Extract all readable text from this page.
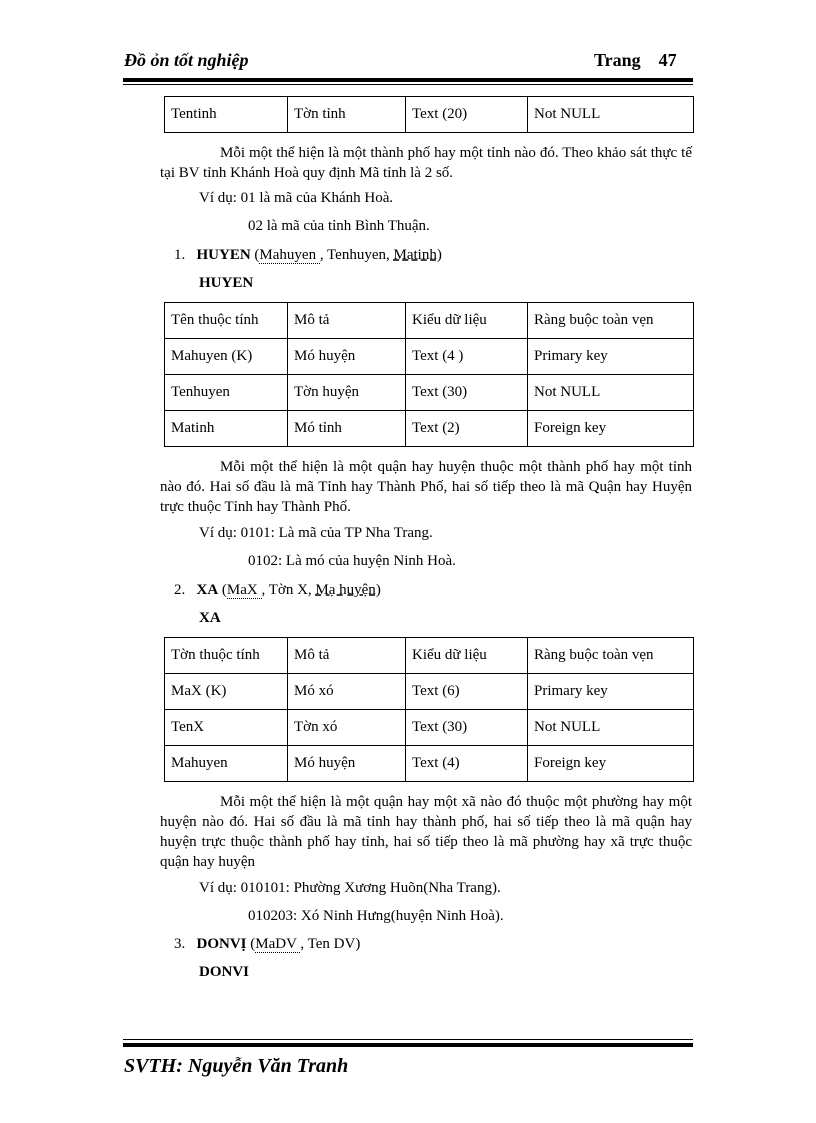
Đồ ỏn tốt nghiệp	Trang 47
Tentinh	Tờn tỉnh	Text (20)	Not NULL
Mỗi một thể hiện là một thành phố hay một tỉnh nào đó. Theo khảo sát thực tế tại BV tỉnh Khánh Hoà quy định Mã tỉnh là 2 số.
Ví dụ: 01 là mã của Khánh Hoà.
02 là mã của tỉnh Bình Thuận.
1. HUYEN (Mahuyen , Tenhuyen, Matinh)
HUYEN
Tên thuộc tính	Mô tả	Kiểu dữ liệu	Ràng buộc toàn vẹn
Mahuyen (K)	Mó huyện	Text (4 )	Primary key
Tenhuyen	Tờn huyện	Text (30)	Not NULL
Matinh	Mó tỉnh	Text (2)	Foreign key
Mỗi một thể hiện là một quận hay huyện thuộc một thành phố hay một tỉnh nào đó. Hai số đầu là mã Tỉnh hay Thành Phố, hai số tiếp theo là mã Quận hay Huyện trực thuộc Tỉnh hay Thành Phố.
Ví dụ: 0101: Là mã của TP Nha Trang.
0102: Là mó của huyện Ninh Hoà.
2. XA (MaX , Tờn X, Mạ huyện)
XA
Tờn thuộc tính	Mô tả	Kiểu dữ liệu	Ràng buộc toàn vẹn
MaX (K)	Mó xó	Text (6)	Primary key
TenX	Tờn xó	Text (30)	Not NULL
Mahuyen	Mó huyện	Text (4)	Foreign key
Mỗi một thể hiện là một quận hay một xã nào đó thuộc một phường hay một huyện nào đó. Hai số đầu là mã tỉnh hay thành phố, hai số tiếp theo là mã quận hay huyện trực thuộc thành phố hay tỉnh, hai số tiếp theo là mã phường hay xã trực thuộc quận hay huyện
Ví dụ: 010101: Phường Xương Huõn(Nha Trang).
010203: Xó Ninh Hưng(huyện Ninh Hoà).
3. DONVỊ (MaDV , Ten DV)
DONVI
SVTH: Nguyễn Văn Tranh
